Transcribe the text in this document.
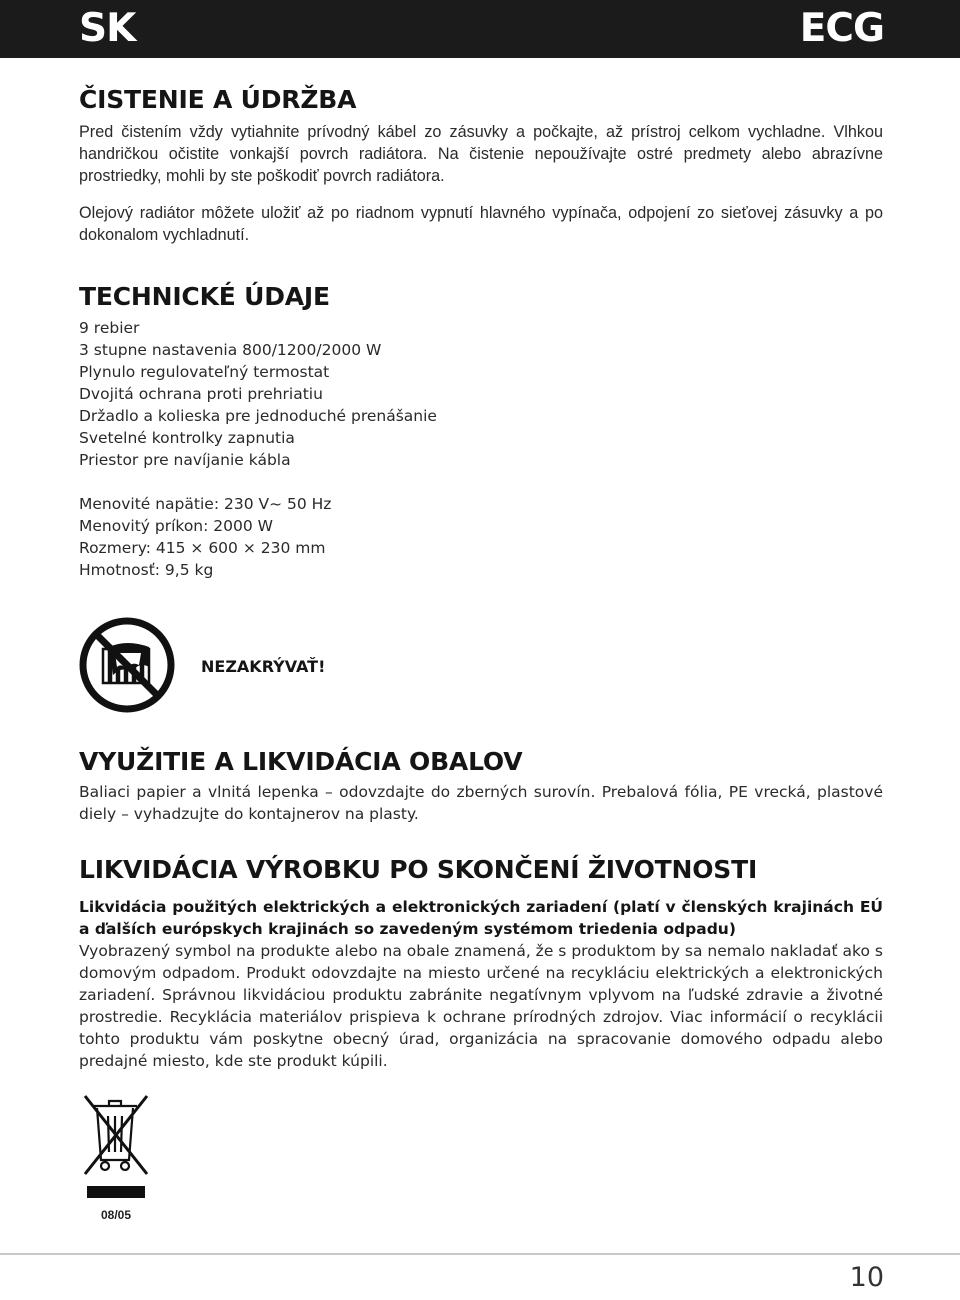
SK	ECG
ČISTENIE A ÚDRŽBA

Pred čistením vždy vytiahnite prívodný kábel zo zásuvky a počkajte, až prístroj celkom vychladne. Vlhkou handričkou očistite vonkajší povrch radiátora. Na čistenie nepoužívajte ostré predmety alebo abrazívne prostriedky, mohli by ste poškodiť povrch radiátora.

Olejový radiátor môžete uložiť až po riadnom vypnutí hlavného vypínača, odpojení zo sieťovej zásuvky a po dokonalom vychladnutí.

TECHNICKÉ ÚDAJE
9 rebier
3 stupne nastavenia 800/1200/2000 W
Plynulo regulovateľný termostat
Dvojitá ochrana proti prehriatiu
Držadlo a kolieska pre jednoduché prenášanie
Svetelné kontrolky zapnutia
Priestor pre navíjanie kábla
Menovité napätie: 230 V~ 50 Hz
Menovitý príkon: 2000 W
Rozmery: 415 × 600 × 230 mm
Hmotnosť: 9,5 kg
NEZAKRÝVAŤ!
VYUŽITIE A LIKVIDÁCIA OBALOV

Baliaci papier a vlnitá lepenka – odovzdajte do zberných surovín. Prebalová fólia, PE vrecká, plastové diely – vyhadzujte do kontajnerov na plasty.

LIKVIDÁCIA VÝROBKU PO SKONČENÍ ŽIVOTNOSTI

Likvidácia použitých elektrických a elektronických zariadení (platí v členských krajinách EÚ a ďalších európskych krajinách so zavedeným systémom triedenia odpadu)

Vyobrazený symbol na produkte alebo na obale znamená, že s produktom by sa nemalo nakladať ako s domovým odpadom. Produkt odovzdajte na miesto určené na recykláciu elektrických a elektronických zariadení. Správnou likvidáciou produktu zabránite negatívnym vplyvom na ľudské zdravie a životné prostredie. Recyklácia materiálov prispieva k ochrane prírodných zdrojov. Viac informácií o recyklácii tohto produktu vám poskytne obecný úrad, organizácia na spracovanie domového odpadu alebo predajné miesto, kde ste produkt kúpili.

08/05
10
